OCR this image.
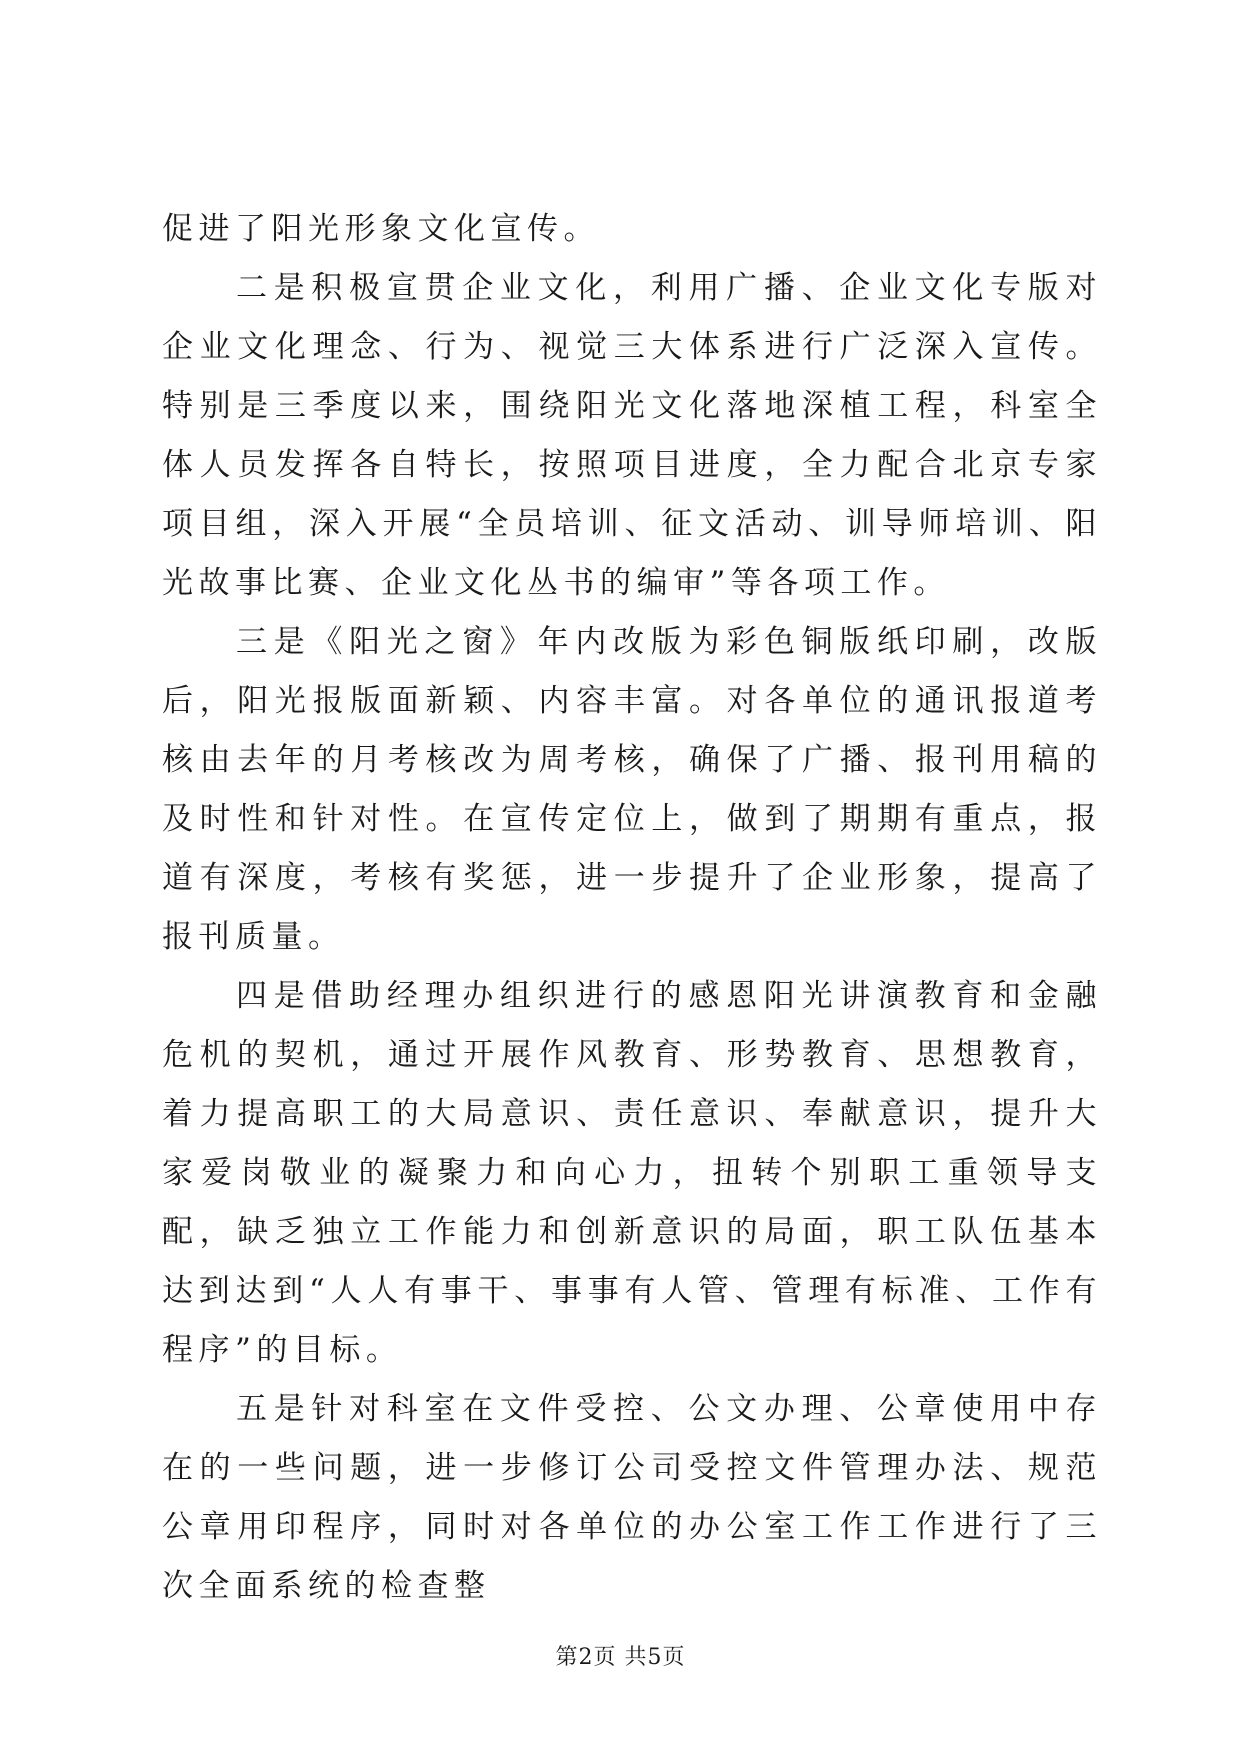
促进了阳光形象文化宣传。

二是积极宣贯企业文化，利用广播、企业文化专版对企业文化理念、行为、视觉三大体系进行广泛深入宣传。特别是三季度以来，围绕阳光文化落地深植工程，科室全体人员发挥各自特长，按照项目进度，全力配合北京专家项目组，深入开展“全员培训、征文活动、训导师培训、阳光故事比赛、企业文化丛书的编审”等各项工作。

三是《阳光之窗》年内改版为彩色铜版纸印刷，改版后，阳光报版面新颖、内容丰富。对各单位的通讯报道考核由去年的月考核改为周考核，确保了广播、报刊用稿的及时性和针对性。在宣传定位上，做到了期期有重点，报道有深度，考核有奖惩，进一步提升了企业形象，提高了报刊质量。

四是借助经理办组织进行的感恩阳光讲演教育和金融危机的契机，通过开展作风教育、形势教育、思想教育，着力提高职工的大局意识、责任意识、奉献意识，提升大家爱岗敬业的凝聚力和向心力，扭转个别职工重领导支配，缺乏独立工作能力和创新意识的局面，职工队伍基本达到达到“人人有事干、事事有人管、管理有标准、工作有程序”的目标。

五是针对科室在文件受控、公文办理、公章使用中存在的一些问题，进一步修订公司受控文件管理办法、规范公章用印程序，同时对各单位的办公室工作工作进行了三次全面系统的检查整

第2页 共5页
